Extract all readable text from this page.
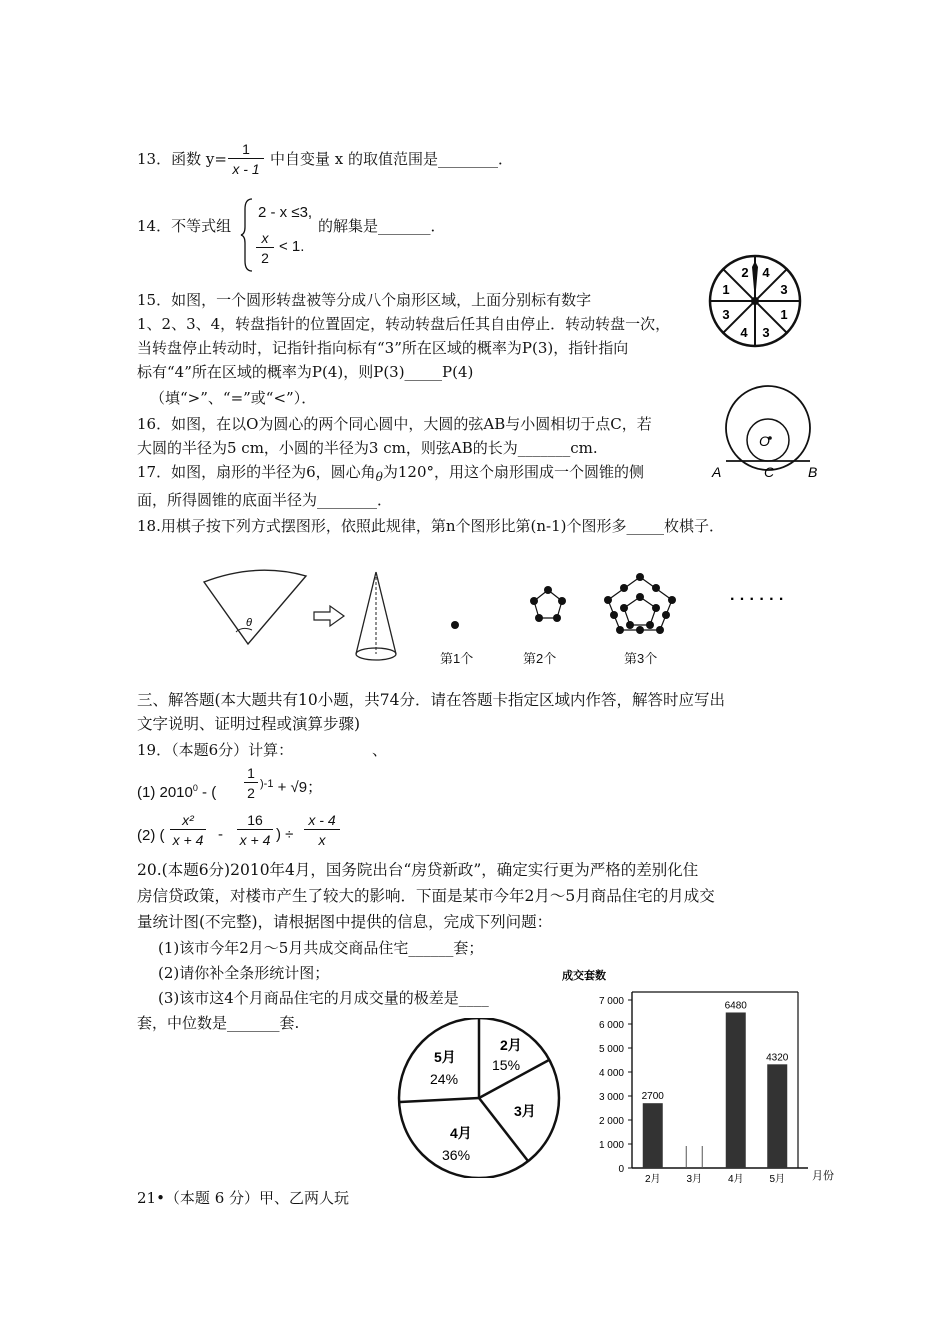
13．函数 $y= \frac{1}{x - 1}$ 中自变量 x 的取值范围是________．
14．不等式组
2 - x ≤3,
$\frac{x}{2} < 1$.
的解集是_______．
2 4
3
1
3
4
3
1
15．如图，一个圆形转盘被等分成八个扇形区域，上面分别标有数字
1、2、3、4，转盘指针的位置固定，转动转盘后任其自由停止．转动转盘一次，
当转盘停止转动时，记指针指向标有“3”所在区域的概率为P(3)，指针指向
标有“4”所在区域的概率为P(4)，则P(3)_____P(4)
（填“>”、“=”或“<”）．
O
A	C B
16．如图，在以O为圆心的两个同心圆中，大圆的弦AB与小圆相切于点C，若
大圆的半径为5 cm，小圆的半径为3 cm，则弦AB的长为_______cm.
17．如图，扇形的半径为6，圆心角$_\theta$为120°，用这个扇形围成一个圆锥的侧
面，所得圆锥的底面半径为________．
18.用棋子按下列方式摆图形，依照此规律，第n个图形比第(n-1)个图形多_____枚棋子．
θ
· · · · · ·
第1个	第2个	第3个
三、解答题(本大题共有10小题，共74分．请在答题卡指定区域内作答，解答时应写出
文字说明、证明过程或演算步骤)
19．（本题6分）计算：	、
(1) 2010$^0$ - ( $\frac{1}{2} ^{)-1} + √9$；
(2) ( $\frac{\text{x²}}{x + 4} - \frac{16}{x + 4}$ ) ÷ $\frac{x - 4}{x}$
20.(本题6分)2010年4月，国务院出台“房贷新政”，确定实行更为严格的差别化住
房信贷政策，对楼市产生了较大的影响．下面是某市今年2月～5月商品住宅的月成交
量统计图(不完整)，请根据图中提供的信息，完成下列问题：
(1)该市今年2月～5月共成交商品住宅______套；
(2)请你补全条形统计图；
(3)该市这4个月商品住宅的月成交量的极差是____
套，中位数是_______套.
2月
15%
3月
4月
36%
5月
24%
成交套数
0
1 000
2 000
3 000
4 000
5 000
6 000
7 000
2700
6480
4320
2月	3月	4月	5月 月份
21•（本题 6 分）甲、乙两人玩
